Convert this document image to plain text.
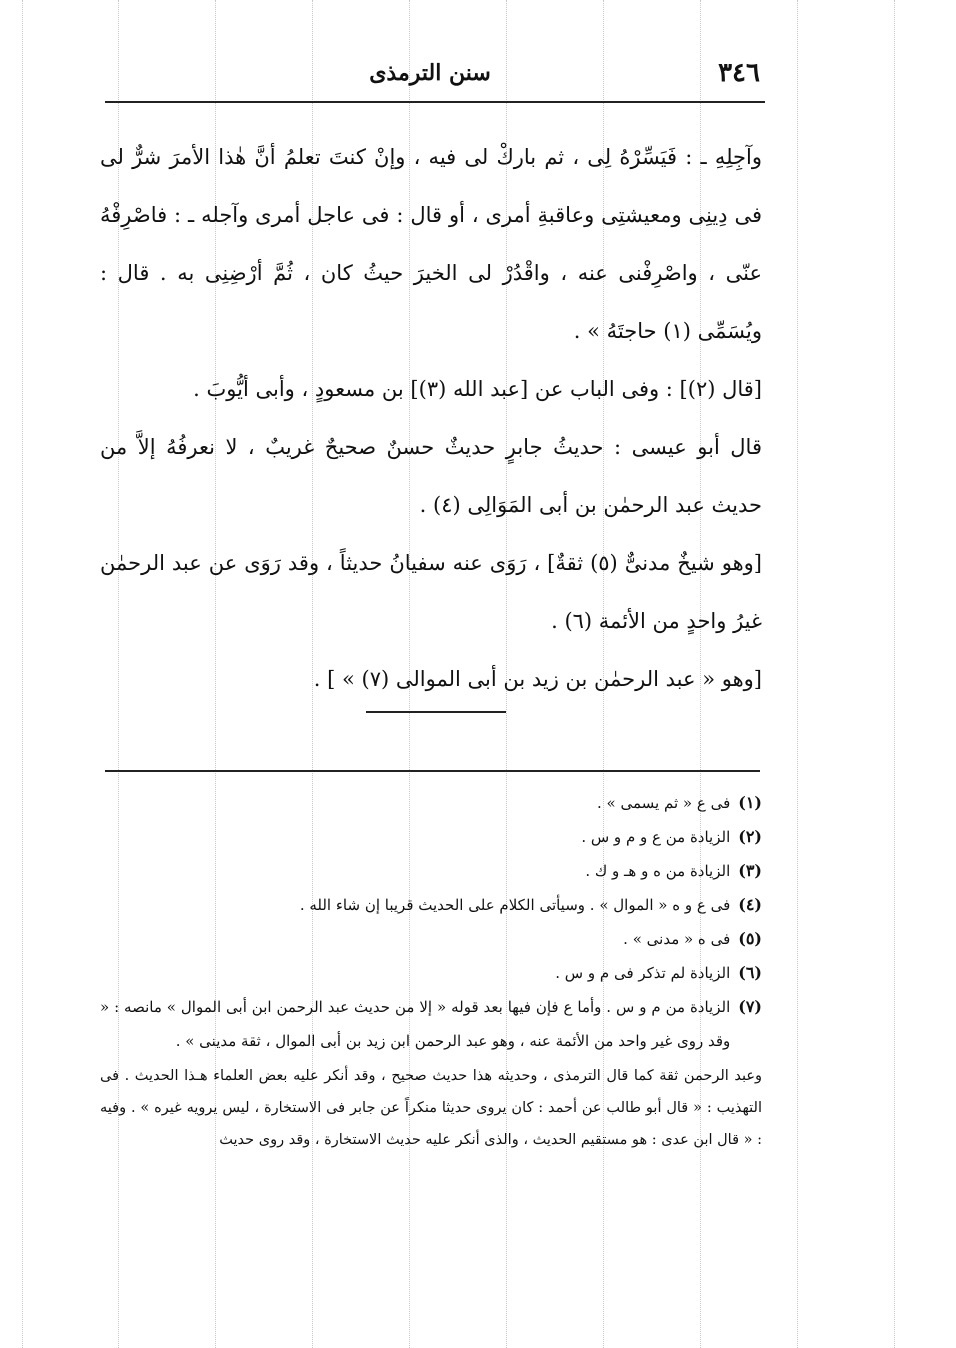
٣٤٦
سنن الترمذى

وآجِلِهِ ـ : فَيَسِّرْهُ لِى ، ثم باركْ لى فيه ، وإنْ كنتَ تعلمُ أنَّ هٰذا الأمرَ شرٌّ لى فى دِينِى ومعيشتِى وعاقبةِ أمرى ، أو قال : فى عاجل أمرى وآجله ـ : فاصْرِفْهُ عنّى ، واصْرِفْنى عنه ، واقْدُرْ لى الخيرَ حيثُ كان ، ثُمَّ أرْضِنِى به . قال : ويُسَمِّى (١) حاجتَهُ » .

[قال (٢)] : وفى الباب عن [عبد الله (٣)] بن مسعودٍ ، وأبى أيُّوبَ .

قال أبو عيسى : حديثُ جابرٍ حديثٌ حسنٌ صحيحٌ غريبٌ ، لا نعرفُهُ إلاَّ من حديث عبد الرحمٰن بن أبى المَوَالِى (٤) .

[وهو شيخٌ مدنىٌّ (٥) ثقةٌ] ، رَوَى عنه سفيانُ حديثاً ، وقد رَوَى عن عبد الرحمٰن غيرُ واحدٍ من الأئمة (٦) .

[وهو « عبد الرحمٰن بن زيد بن أبى الموالى (٧) » ] .

(١)
فى ع « ثم يسمى » .
(٢)
الزيادة من ع و م و س .
(٣)
الزيادة من ه و هـ و ك .
(٤)
فى ع و ه « الموال » . وسيأتى الكلام على الحديث قريبا إن شاء الله .
(٥)
فى ه « مدنى » .
(٦)
الزيادة لم تذكر فى م و س .
(٧)
الزيادة من م و س . وأما ع فإن فيها بعد قوله « إلا من حديث عبد الرحمن ابن أبى الموال » مانصه : « وقد روى غير واحد من الأئمة عنه ، وهو عبد الرحمن ابن زيد بن أبى الموال ، ثقة مدينى » .
وعبد الرحمن ثقة كما قال الترمذى ، وحديثه هذا حديث صحيح ، وقد أنكر عليه بعض العلماء هـذا الحديث . فى التهذيب : « قال أبو طالب عن أحمد : كان يروى حديثا منكراً عن جابر فى الاستخارة ، ليس يرويه غيره » . وفيه : « قال ابن عدى : هو مستقيم الحديث ، والذى أنكر عليه حديث الاستخارة ، وقد روى حديث
